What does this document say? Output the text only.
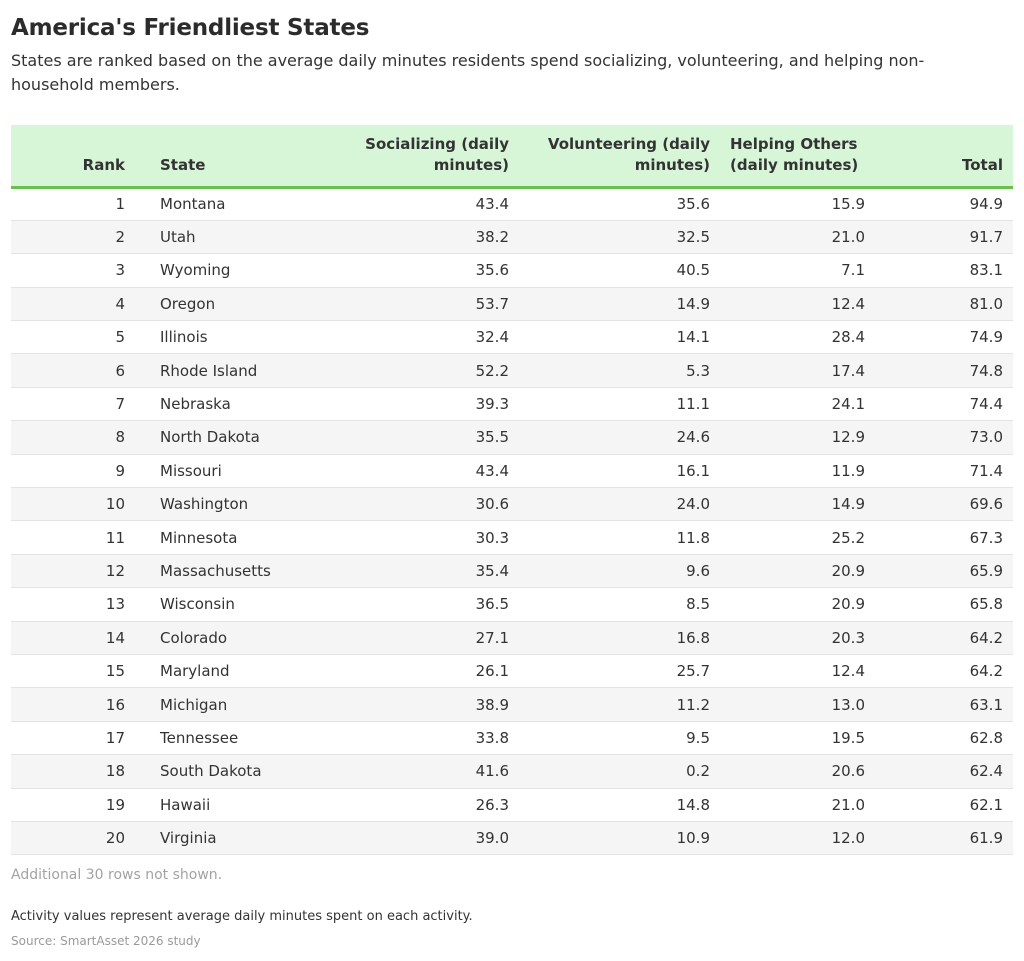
America's Friendliest States

States are ranked based on the average daily minutes residents spend socializing, volunteering, and helping non-household members.

Rank	State	Socializing (daily minutes)	Volunteering (daily minutes)	Helping Others (daily minutes)	Total
1	Montana	43.4	35.6	15.9	94.9
2	Utah	38.2	32.5	21.0	91.7
3	Wyoming	35.6	40.5	7.1	83.1
4	Oregon	53.7	14.9	12.4	81.0
5	Illinois	32.4	14.1	28.4	74.9
6	Rhode Island	52.2	5.3	17.4	74.8
7	Nebraska	39.3	11.1	24.1	74.4
8	North Dakota	35.5	24.6	12.9	73.0
9	Missouri	43.4	16.1	11.9	71.4
10	Washington	30.6	24.0	14.9	69.6
11	Minnesota	30.3	11.8	25.2	67.3
12	Massachusetts	35.4	9.6	20.9	65.9
13	Wisconsin	36.5	8.5	20.9	65.8
14	Colorado	27.1	16.8	20.3	64.2
15	Maryland	26.1	25.7	12.4	64.2
16	Michigan	38.9	11.2	13.0	63.1
17	Tennessee	33.8	9.5	19.5	62.8
18	South Dakota	41.6	0.2	20.6	62.4
19	Hawaii	26.3	14.8	21.0	62.1
20	Virginia	39.0	10.9	12.0	61.9

Additional 30 rows not shown.

Activity values represent average daily minutes spent on each activity.

Source: SmartAsset 2026 study
